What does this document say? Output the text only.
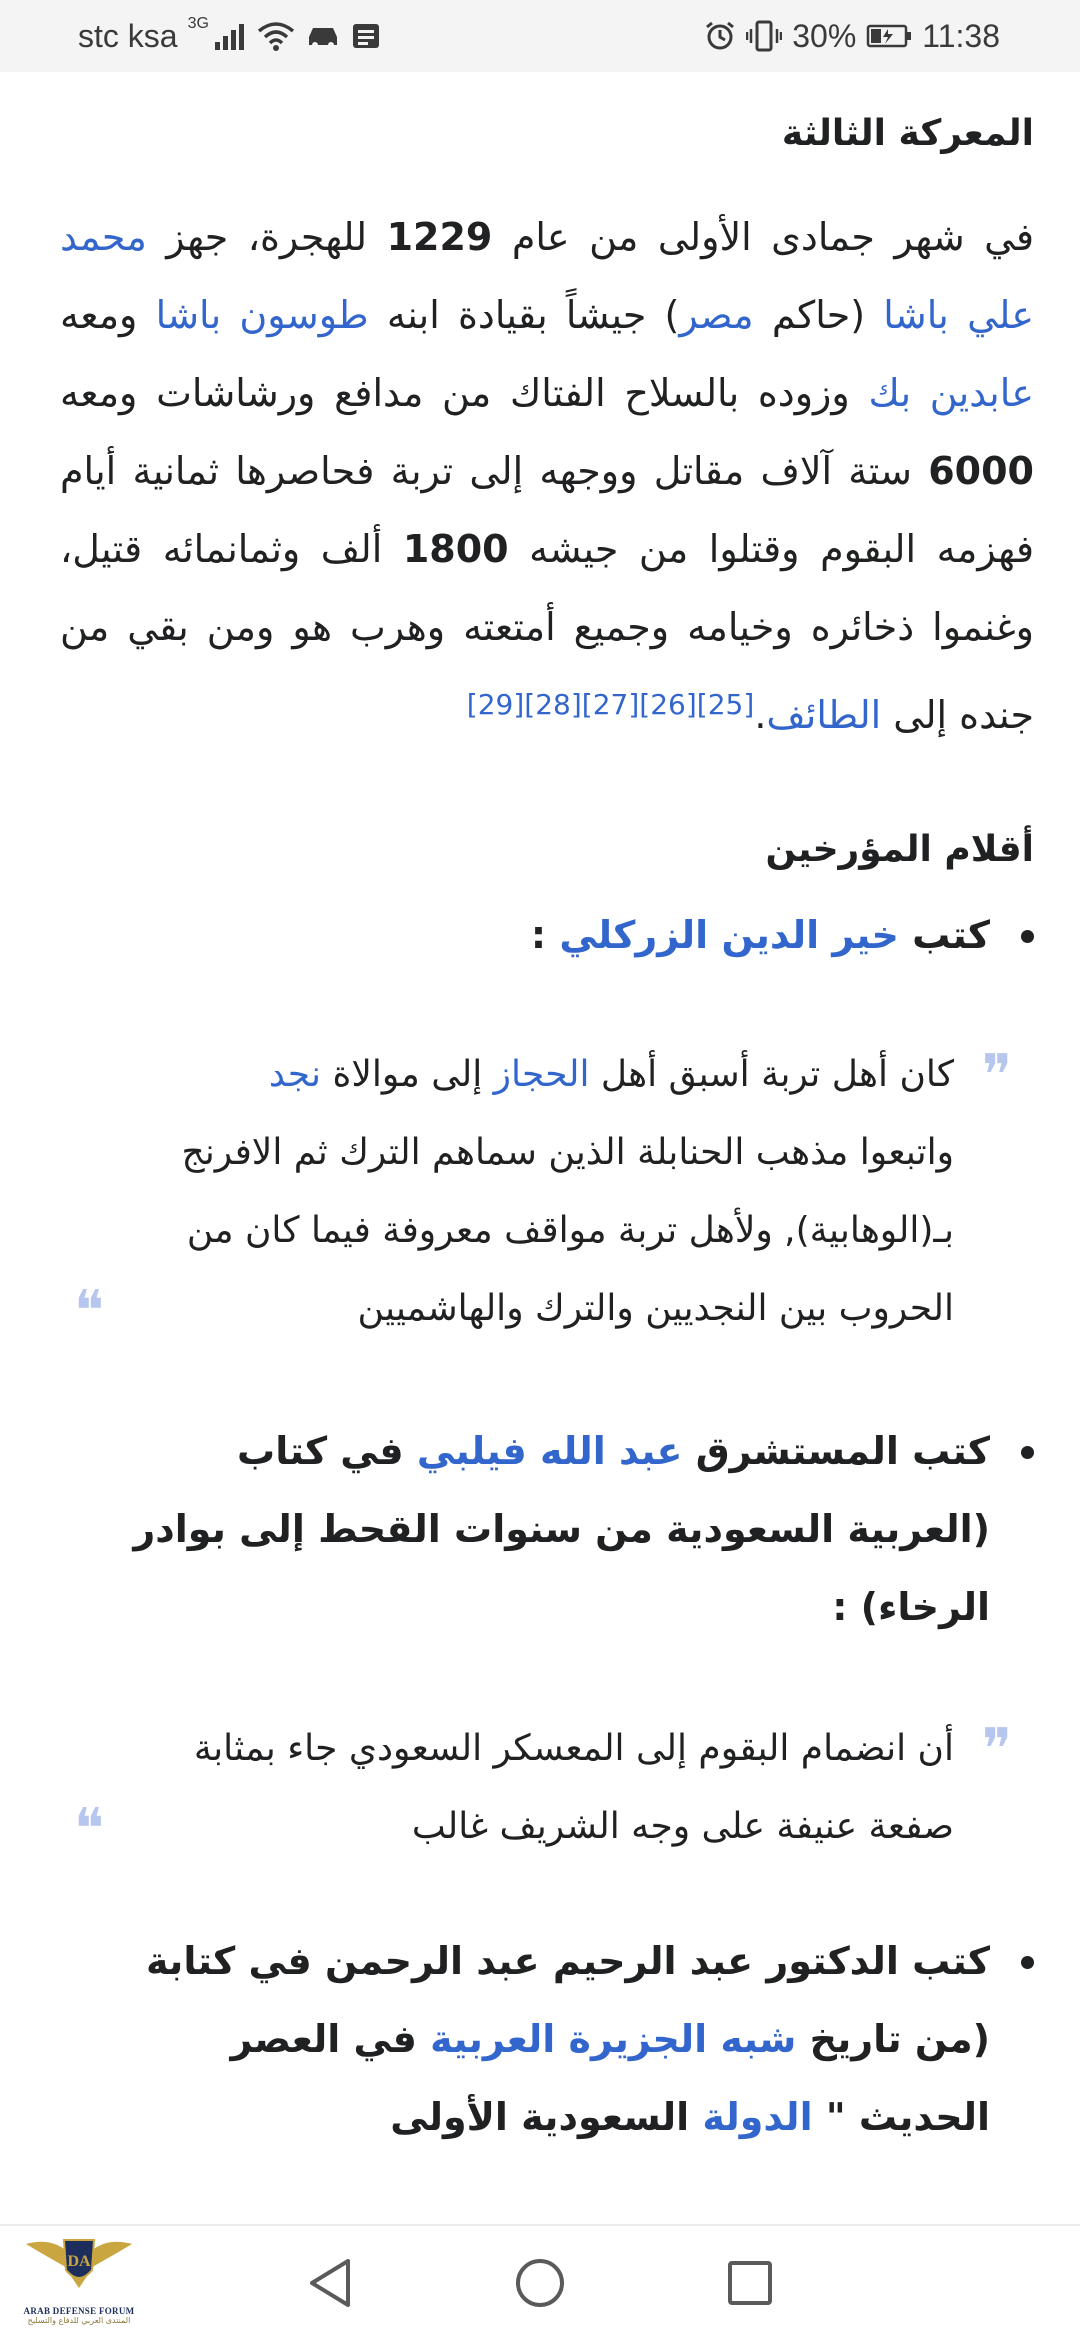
stc ksa 3G	30% 11:38
المعركة الثالثة

في شهر جمادى الأولى من عام 1229 للهجرة، جهز محمد علي باشا (حاكم مصر) جيشاً بقيادة ابنه طوسون باشا ومعه عابدين بك وزوده بالسلاح الفتاك من مدافع ورشاشات ومعه 6000 ستة آلاف مقاتل ووجهه إلى تربة فحاصرها ثمانية أيام فهزمه البقوم وقتلوا من جيشه 1800 ألف وثمانمائه قتيل، وغنموا ذخائره وخيامه وجميع أمتعته وهرب هو ومن بقي من جنده إلى الطائف.[25][26][27][28][29]

أقلام المؤرخين
كتب خير الدين الزركلي :
❞
كان أهل تربة أسبق أهل الحجاز إلى موالاة نجد واتبعوا مذهب الحنابلة الذين سماهم الترك ثم الافرنج بـ(الوهابية), ولأهل تربة مواقف معروفة فيما كان من الحروب بين النجديين والترك والهاشميين
❝
كتب المستشرق عبد الله فيلبي في كتاب (العربية السعودية من سنوات القحط إلى بوادر الرخاء) :
❞
أن انضمام البقوم إلى المعسكر السعودي جاء بمثابة صفعة عنيفة على وجه الشريف غالب
❝
كتب الدكتور عبد الرحيم عبد الرحمن في كتابة (من تاريخ شبه الجزيرة العربية في العصر الحديث " الدولة السعودية الأولى
DA
ARAB DEFENSE FORUM
المنتدى العربي للدفاع والتسليح
